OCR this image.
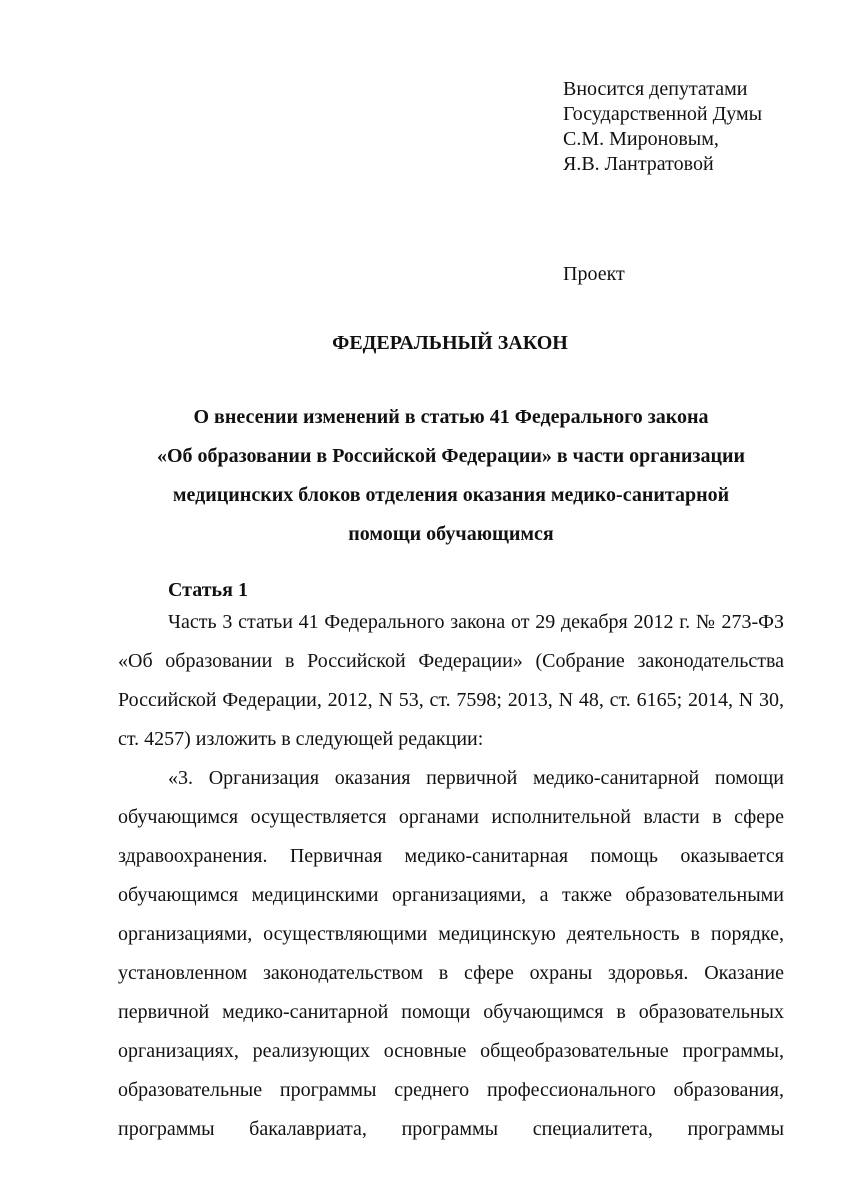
Вносится депутатами
Государственной Думы
С.М. Мироновым,
Я.В. Лантратовой
Проект
ФЕДЕРАЛЬНЫЙ ЗАКОН
О внесении изменений в статью 41 Федерального закона
«Об образовании в Российской Федерации» в части организации
медицинских блоков отделения оказания медико-санитарной
помощи обучающимся
Статья 1
Часть 3 статьи 41 Федерального закона от 29 декабря 2012 г. № 273-ФЗ
«Об образовании в Российской Федерации» (Собрание законодательства
Российской Федерации, 2012, N 53, ст. 7598; 2013, N 48, ст. 6165; 2014, N 30,
ст. 4257) изложить в следующей редакции:
«3. Организация оказания первичной медико-санитарной помощи
обучающимся осуществляется органами исполнительной власти в сфере
здравоохранения. Первичная медико-санитарная помощь оказывается
обучающимся медицинскими организациями, а также образовательными
организациями, осуществляющими медицинскую деятельность в порядке,
установленном законодательством в сфере охраны здоровья. Оказание
первичной медико-санитарной помощи обучающимся в образовательных
организациях, реализующих основные общеобразовательные программы,
образовательные программы среднего профессионального образования,
программы бакалавриата, программы специалитета, программы
